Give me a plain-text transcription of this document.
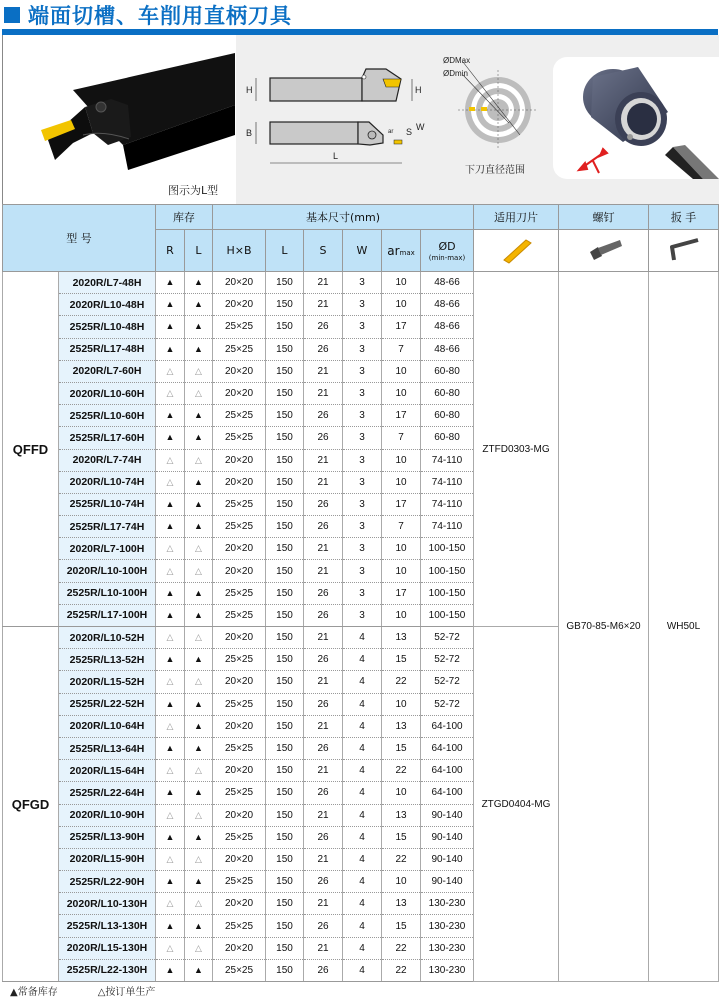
端面切槽、车削用直柄刀具
图示为L型
H	H
B
L
ar S W
ØDMax
ØDmin
下刀直径范围
型 号		库存		基本尺寸(mm)						适用刀片	螺钉	扳 手
		R	L	H×B	L	S	W	armax	ØD
(min-max)

QFFD	2020R/L7-48H	▲	▲	20×20	150	21	3	10	48-66	ZTFD0303-MG	GB70-85-M6×20	WH50L
	2020R/L10-48H	▲	▲	20×20	150	21	3	10	48-66			
	2525R/L10-48H	▲	▲	25×25	150	26	3	17	48-66			
	2525R/L17-48H	▲	▲	25×25	150	26	3	7	48-66			
	2020R/L7-60H	△	△	20×20	150	21	3	10	60-80			
	2020R/L10-60H	△	△	20×20	150	21	3	10	60-80			
	2525R/L10-60H	▲	▲	25×25	150	26	3	17	60-80			
	2525R/L17-60H	▲	▲	25×25	150	26	3	7	60-80			
	2020R/L7-74H	△	△	20×20	150	21	3	10	74-110			
	2020R/L10-74H	△	▲	20×20	150	21	3	10	74-110			
	2525R/L10-74H	▲	▲	25×25	150	26	3	17	74-110			
	2525R/L17-74H	▲	▲	25×25	150	26	3	7	74-110			
	2020R/L7-100H	△	△	20×20	150	21	3	10	100-150			
	2020R/L10-100H	△	△	20×20	150	21	3	10	100-150			
	2525R/L10-100H	▲	▲	25×25	150	26	3	17	100-150			
	2525R/L17-100H	▲	▲	25×25	150	26	3	10	100-150			
QFGD	2020R/L10-52H	△	△	20×20	150	21	4	13	52-72	ZTGD0404-MG		
	2525R/L13-52H	▲	▲	25×25	150	26	4	15	52-72			
	2020R/L15-52H	△	△	20×20	150	21	4	22	52-72			
	2525R/L22-52H	▲	▲	25×25	150	26	4	10	52-72			
	2020R/L10-64H	△	▲	20×20	150	21	4	13	64-100			
	2525R/L13-64H	▲	▲	25×25	150	26	4	15	64-100			
	2020R/L15-64H	△	△	20×20	150	21	4	22	64-100			
	2525R/L22-64H	▲	▲	25×25	150	26	4	10	64-100			
	2020R/L10-90H	△	△	20×20	150	21	4	13	90-140			
	2525R/L13-90H	▲	▲	25×25	150	26	4	15	90-140			
	2020R/L15-90H	△	△	20×20	150	21	4	22	90-140			
	2525R/L22-90H	▲	▲	25×25	150	26	4	10	90-140			
	2020R/L10-130H	△	△	20×20	150	21	4	13	130-230			
	2525R/L13-130H	▲	▲	25×25	150	26	4	15	130-230			
	2020R/L15-130H	△	△	20×20	150	21	4	22	130-230			
	2525R/L22-130H	▲	▲	25×25	150	26	4	22	130-230			
▲常备库存	△按订单生产
